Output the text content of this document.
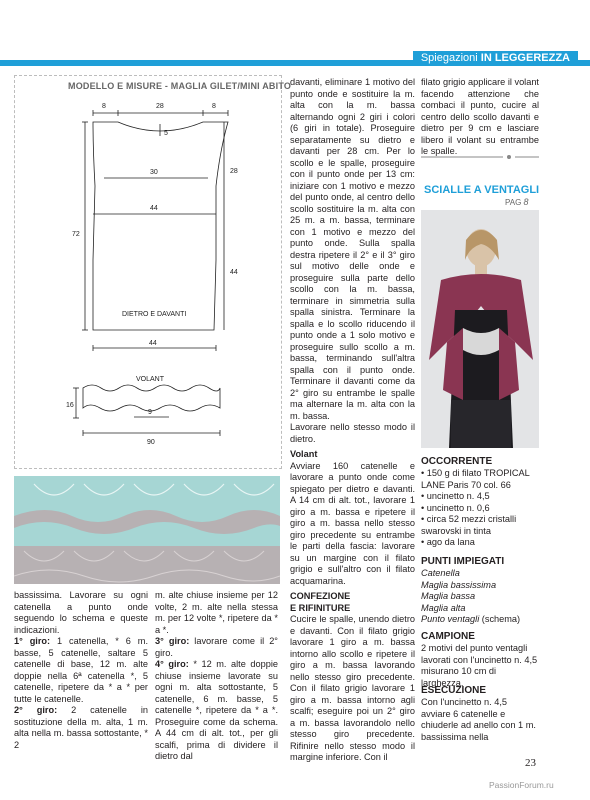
Spiegazioni IN LEGGEREZZA
MODELLO E MISURE - MAGLIA GILET/MINI ABITO
8	28	8
5
30	28
44
72
44
DIETRO E DAVANTI
44
VOLANT
16
9
90

bassissima. Lavorare su ogni catenella a punto onde seguendo lo schema e queste indicazioni.

1° giro: 1 catenella, * 6 m. basse, 5 catenelle, saltare 5 catenelle di base, 12 m. alte doppie nella 6ª catenella *, 5 catenelle, ripetere da * a * per tutte le catenelle.

2° giro: 2 catenelle in sostituzione della m. alta, 1 m. alta nella m. bassa sottostante, * 2

m. alte chiuse insieme per 12 volte, 2 m. alte nella stessa m. per 12 volte *, ripetere da * a *.

3° giro: lavorare come il 2° giro.

4° giro: * 12 m. alte doppie chiuse insieme lavorate su ogni m. alta sottostante, 5 catenelle, 6 m. basse, 5 catenelle *, ripetere da * a *. Proseguire come da schema. A 44 cm di alt. tot., per gli scalfi, prima di dividere il dietro dal

davanti, eliminare 1 motivo del punto onde e sostituire la m. alta con la m. bassa alternando ogni 2 giri i colori (6 giri in totale). Proseguire separatamente su dietro e davanti per 28 cm. Per lo scollo e le spalle, proseguire con il punto onde per 13 cm: iniziare con 1 motivo e mezzo del punto onde, al centro dello scollo sostituire la m. alta con 25 m. a m. bassa, terminare con 1 motivo e mezzo del punto onde. Sulla spalla destra ripetere il 2° e il 3° giro sul motivo delle onde e proseguire sulla parte dello scollo con la m. bassa, terminare in simmetria sulla spalla sinistra. Terminare la spalla e lo scollo riducendo il punto onde a 1 solo motivo e proseguire sullo scollo a m. bassa, terminando sull'altra spalla con il punto onde. Terminare il davanti come da 2° giro su entrambe le spalle ma alternare la m. alta con la m. bassa.

Lavorare nello stesso modo il dietro.

Volant

Avviare 160 catenelle e lavorare a punto onde come spiegato per dietro e davanti. A 14 cm di alt. tot., lavorare 1 giro a m. bassa e ripetere il giro a m. bassa nello stesso giro precedente su entrambe le parti della fascia: lavorare su un margine con il filato grigio e sull'altro con il filato acquamarina.

CONFEZIONE

E RIFINITURE

Cucire le spalle, unendo dietro e davanti. Con il filato grigio lavorare 1 giro a m. bassa intorno allo scollo e ripetere il giro a m. bassa lavorando nello stesso giro precedente. Con il filato grigio lavorare 1 giro a m. bassa intorno agli scalfi; eseguire poi un 2° giro a m. bassa lavorandolo nello stesso giro precedente. Rifinire nello stesso modo il margine inferiore. Con il

filato grigio applicare il volant facendo attenzione che combaci il punto, cucire al centro dello scollo davanti e dietro per 9 cm e lasciare libero il volant su entrambe le spalle.

SCIALLE A VENTAGLI
PAG 8
OCCORRENTE

• 150 g di filato TROPICAL LANE Paris 70 col. 66

• uncinetto n. 4,5

• uncinetto n. 0,6

• circa 52 mezzi cristalli swarovski in tinta

• ago da lana

PUNTI IMPIEGATI

Catenella

Maglia bassissima

Maglia bassa

Maglia alta

Punto ventagli (schema)

CAMPIONE
2 motivi del punto ventagli lavorati con l'uncinetto n. 4,5 misurano 10 cm di larghezza.
ESECUZIONE
Con l'uncinetto n. 4,5 avviare 6 catenelle e chiuderle ad anello con 1 m. bassissima nella
23
PassionForum.ru
